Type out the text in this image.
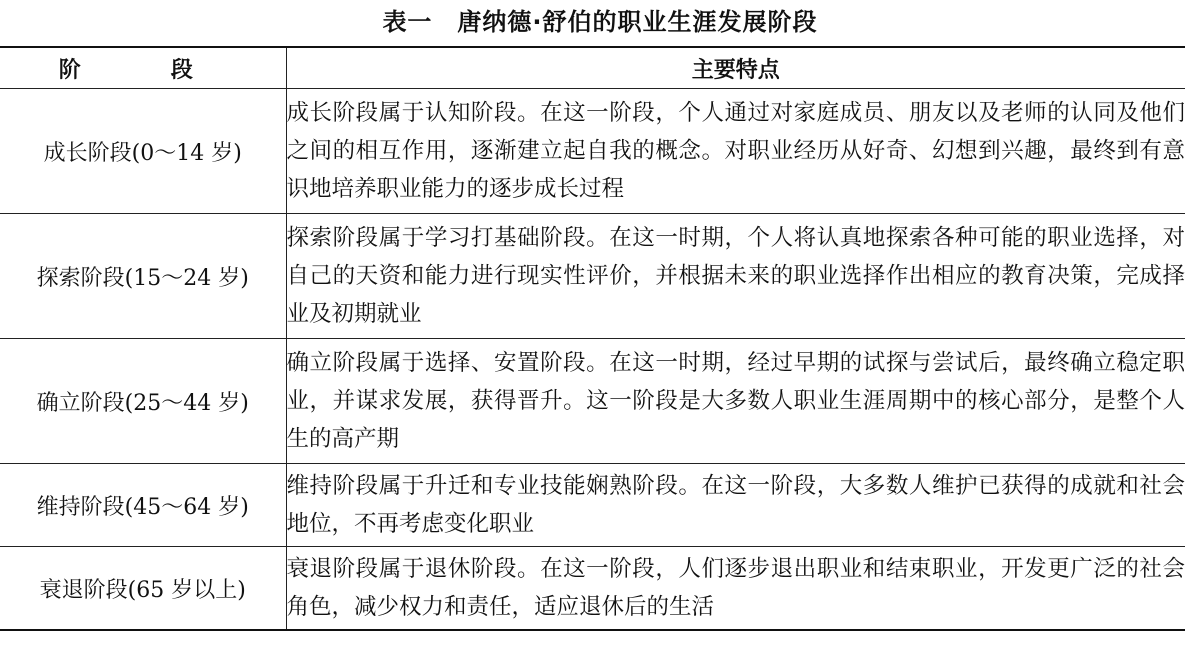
表一　唐纳德·舒伯的职业生涯发展阶段
阶　段	主要特点
成长阶段(0～14 岁)	成长阶段属于认知阶段。在这一阶段，个人通过对家庭成员、朋友以及老师的认同及他们之间的相互作用，逐渐建立起自我的概念。对职业经历从好奇、幻想到兴趣，最终到有意识地培养职业能力的逐步成长过程
探索阶段(15～24 岁)	探索阶段属于学习打基础阶段。在这一时期，个人将认真地探索各种可能的职业选择，对自己的天资和能力进行现实性评价，并根据未来的职业选择作出相应的教育决策，完成择业及初期就业
确立阶段(25～44 岁)	确立阶段属于选择、安置阶段。在这一时期，经过早期的试探与尝试后，最终确立稳定职业，并谋求发展，获得晋升。这一阶段是大多数人职业生涯周期中的核心部分，是整个人生的高产期
维持阶段(45～64 岁)	维持阶段属于升迁和专业技能娴熟阶段。在这一阶段，大多数人维护已获得的成就和社会地位，不再考虑变化职业
衰退阶段(65 岁以上)	衰退阶段属于退休阶段。在这一阶段，人们逐步退出职业和结束职业，开发更广泛的社会角色，减少权力和责任，适应退休后的生活
